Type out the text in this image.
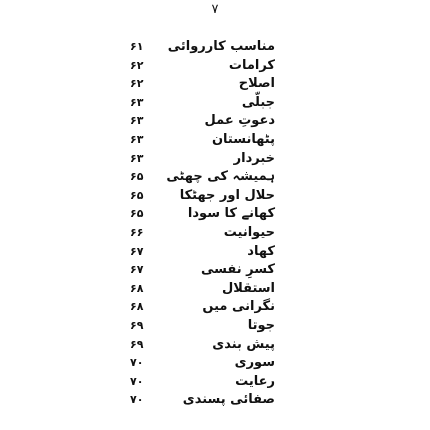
۷
۶۱	مناسب کارروائی
۶۲	کرامات
۶۲	اصلاح
۶۳	جبلّی
۶۳	دعوتِ عمل
۶۳	پٹھانستان
۶۳	خبردار
۶۵	ہمیشہ کی چھٹی
۶۵	حلال اور جھٹکا
۶۵	کھانے کا سودا
۶۶	حیوانیت
۶۷	کھاد
۶۷	کسرِ نفسی
۶۸	استقلال
۶۸	نگرانی میں
۶۹	جوتا
۶۹	پیش بندی
۷۰	سوری
۷۰	رعایت
۷۰	صفائی پسندی
